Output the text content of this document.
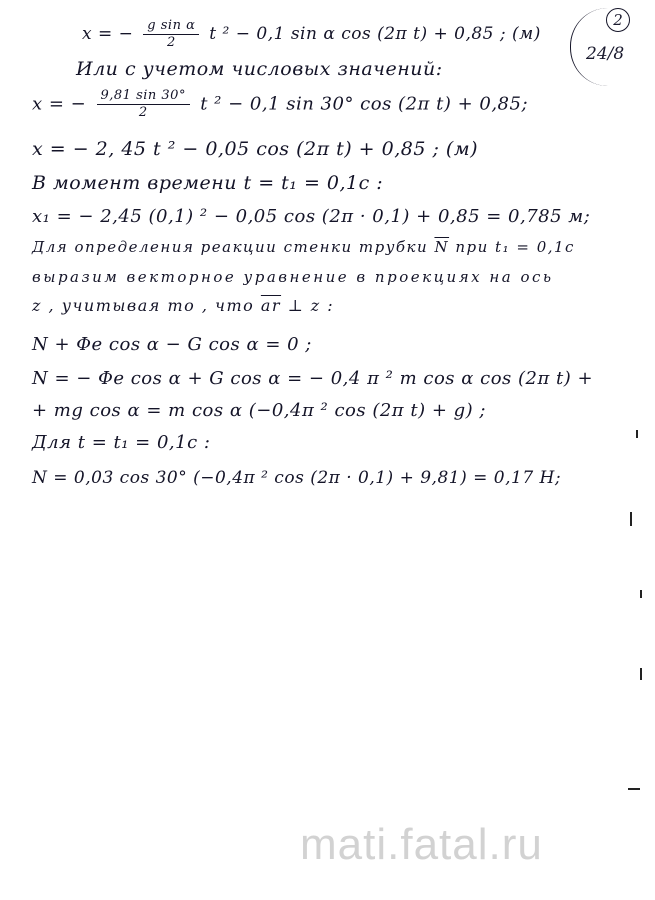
2
24/8
x = − $\frac{\text{g sin α}}{2}$ t ² − 0,1 sin α cos (2π t) + 0,85 ; (м)
Или с учетом числовых значений:
x = − $\frac{9,81 \sin 30^\circ}{2}$ t ² − 0,1 sin 30° cos (2π t) + 0,85;
x = − 2, 45 t ² − 0,05 cos (2π t) + 0,85 ; (м)
В момент времени t = t₁ = 0,1c :
x₁ = − 2,45 (0,1) ² − 0,05 cos (2π · 0,1) + 0,85 = 0,785 м;
Для определения реакции стенки трубки $\overline{N}$ при t₁ = 0,1c
выразим векторное уравнение в проекциях на ось
z , учитывая то , что $\overline{ar}$ ⊥ z :
N + Φe cos α − G cos α = 0 ;
N = − Φe cos α + G cos α = − 0,4 π ² m cos α cos (2π t) +
+ mg cos α = m cos α (−0,4π ² cos (2π t) + g) ;
Для t = t₁ = 0,1c :
N = 0,03 cos 30° (−0,4π ² cos (2π · 0,1) + 9,81) = 0,17 H;
mati.fatal.ru
